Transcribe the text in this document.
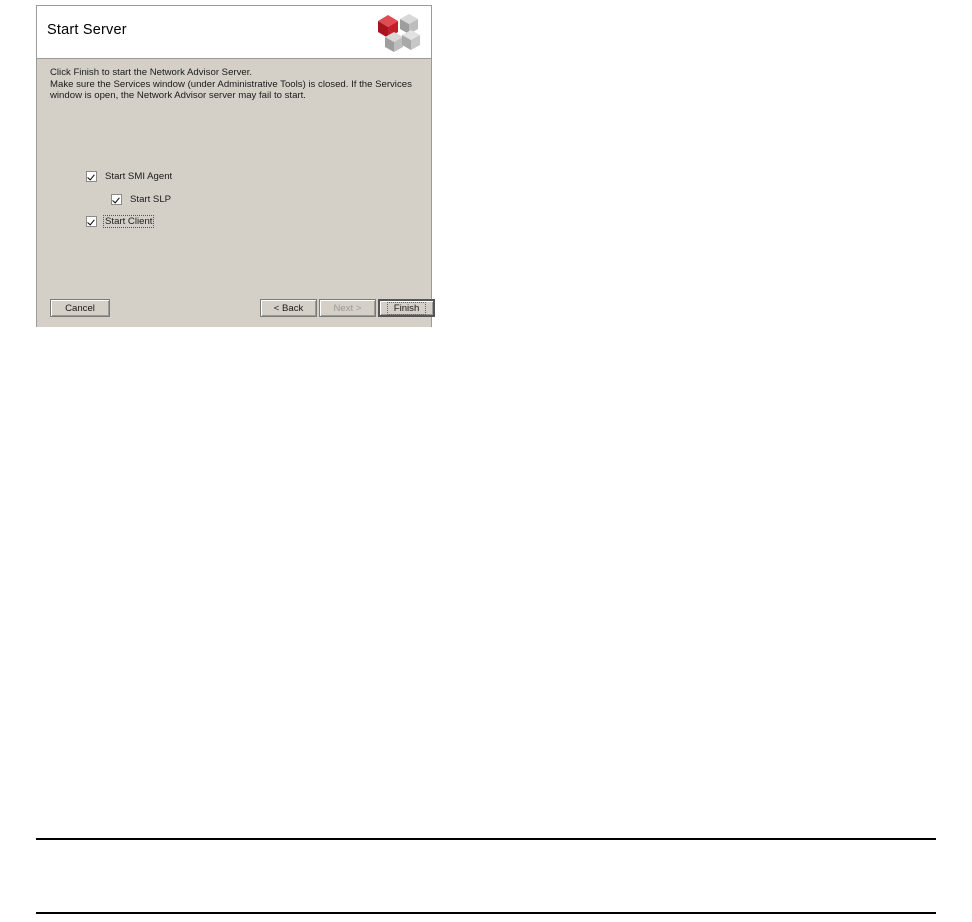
Start Server
Click Finish to start the Network Advisor Server.
Make sure the Services window (under Administrative Tools) is closed. If the Services
window is open, the Network Advisor server may fail to start.
Start SMI Agent
Start SLP
Start Client
Cancel	< Back	Next >	Finish
